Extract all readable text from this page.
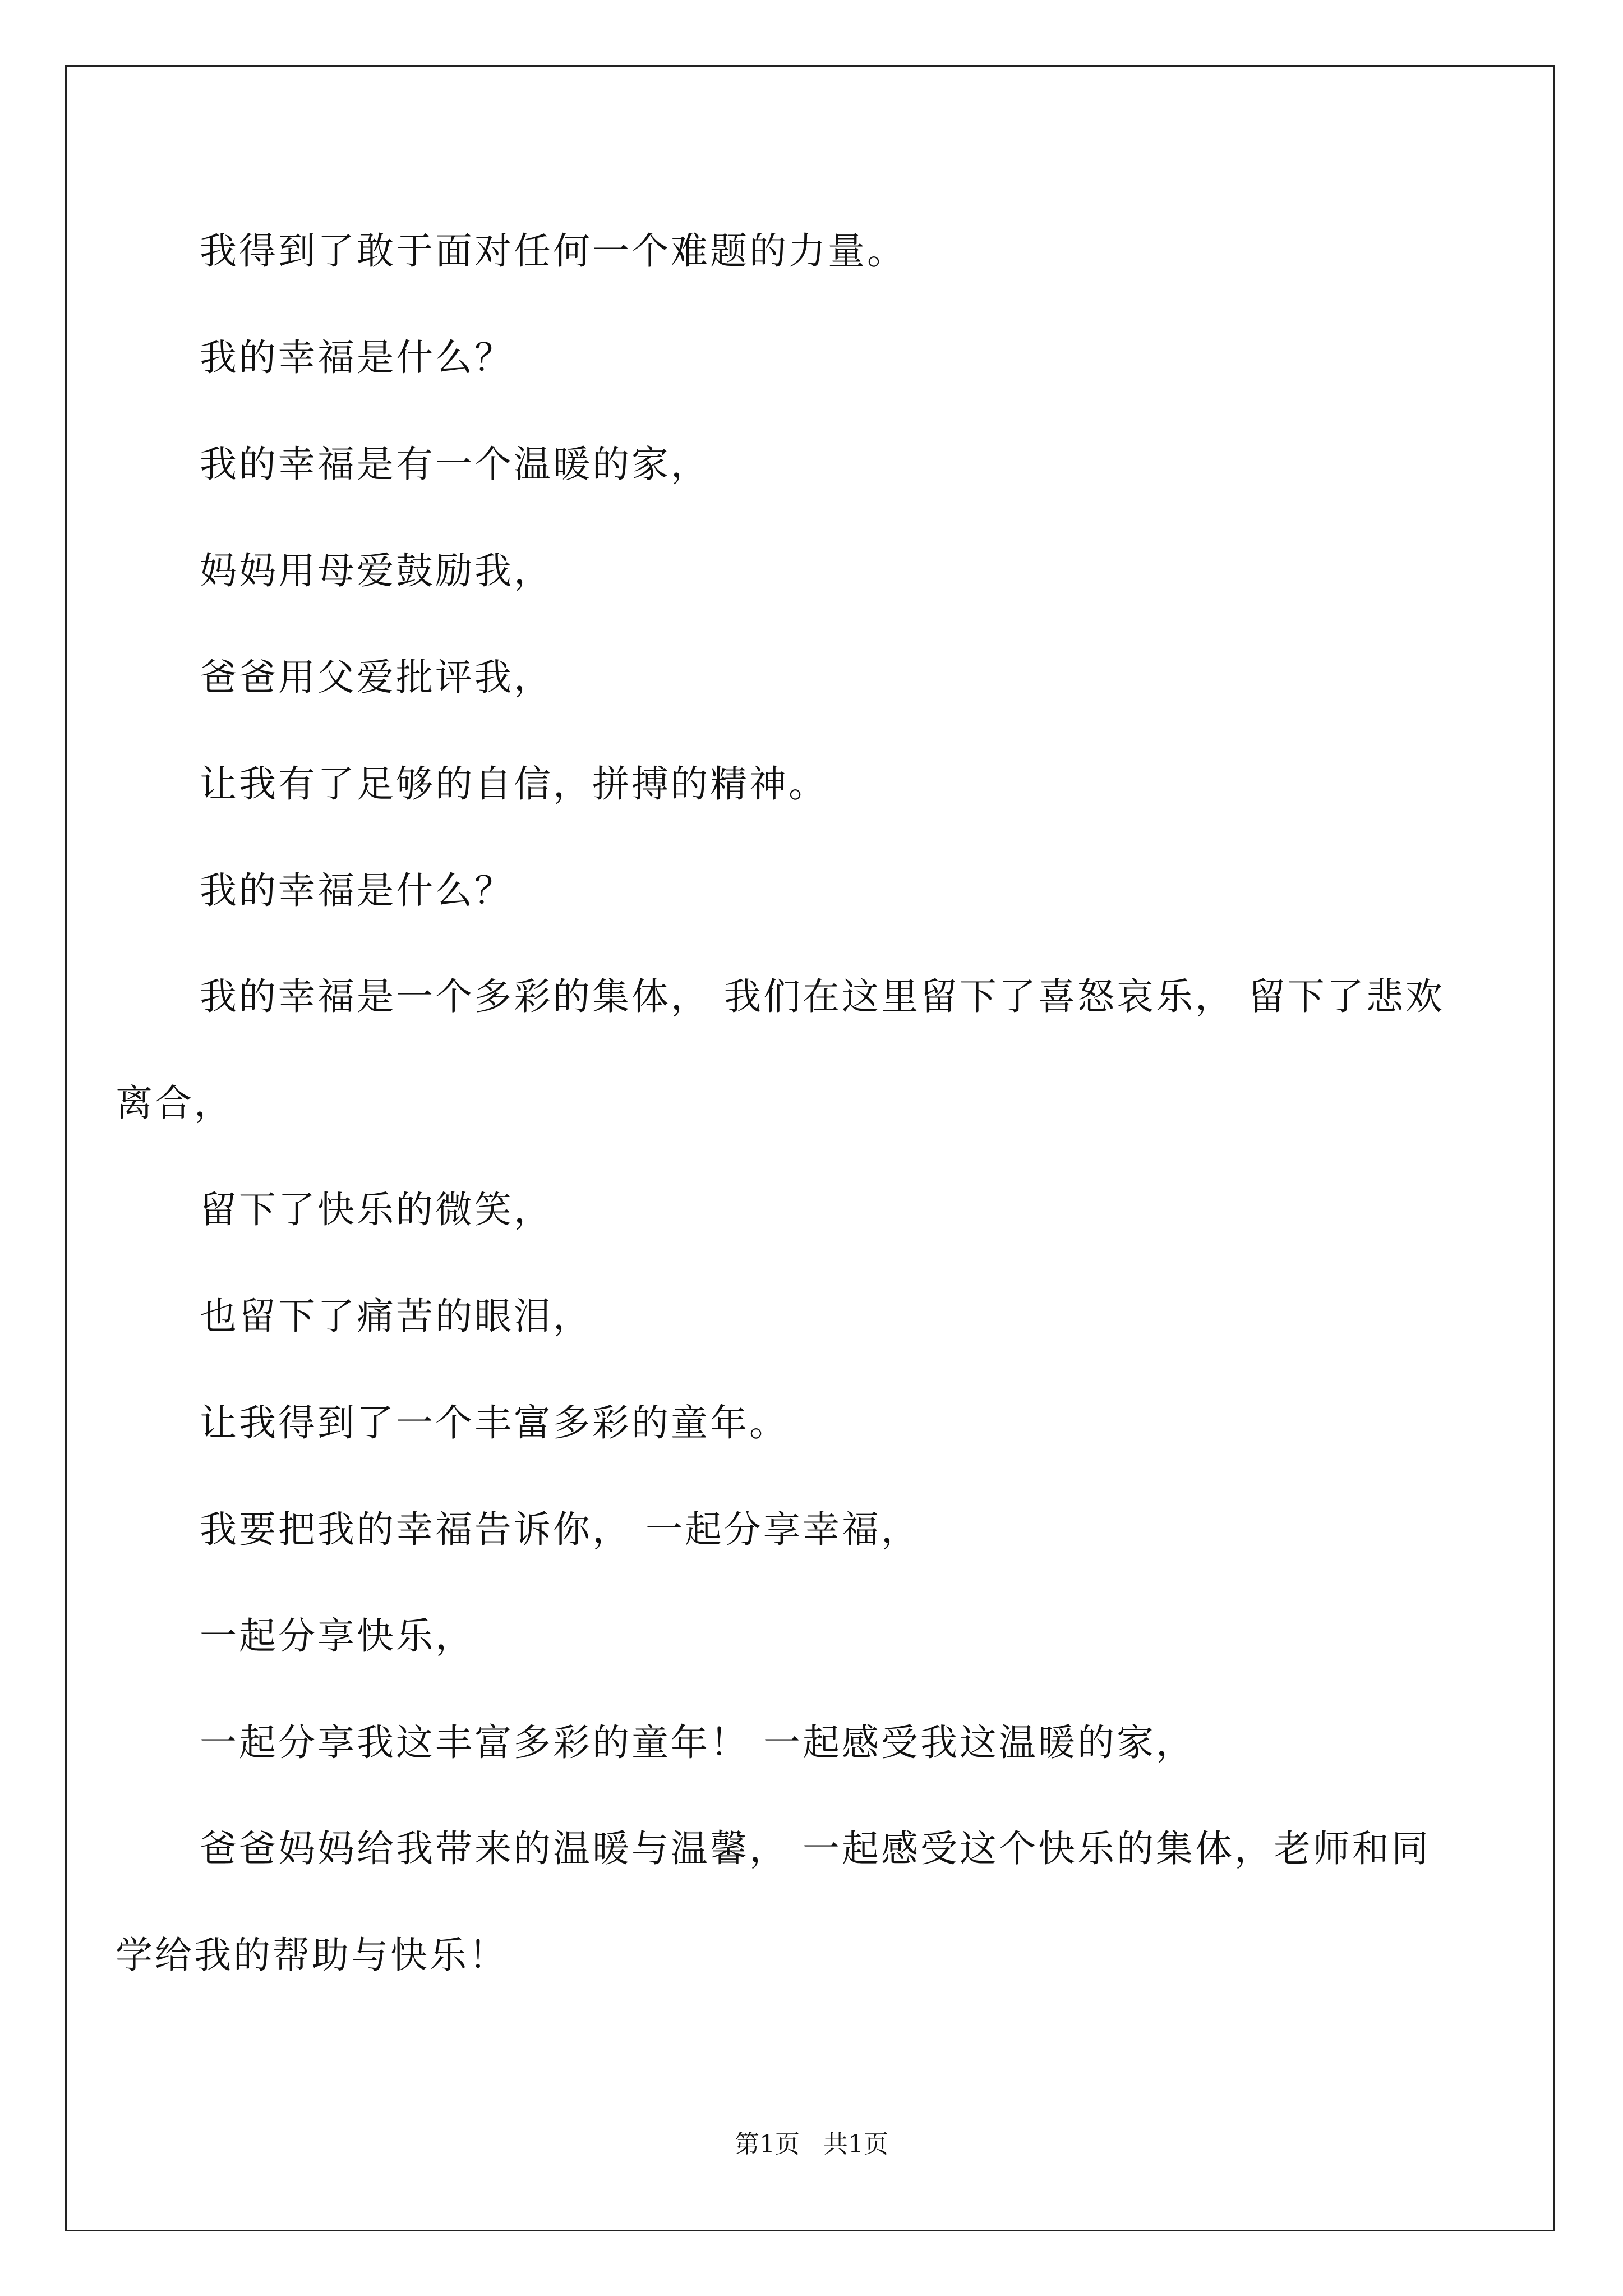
我得到了敢于面对任何一个难题的力量。

我的幸福是什么？

我的幸福是有一个温暖的家，

妈妈用母爱鼓励我，

爸爸用父爱批评我，

让我有了足够的自信，拼搏的精神。

我的幸福是什么？

我的幸福是一个多彩的集体， 我们在这里留下了喜怒哀乐， 留下了悲欢离合，

留下了快乐的微笑，

也留下了痛苦的眼泪，

让我得到了一个丰富多彩的童年。

我要把我的幸福告诉你， 一起分享幸福，

一起分享快乐，

一起分享我这丰富多彩的童年！ 一起感受我这温暖的家，

爸爸妈妈给我带来的温暖与温馨， 一起感受这个快乐的集体，老师和同学给我的帮助与快乐！

第1页   共1页
